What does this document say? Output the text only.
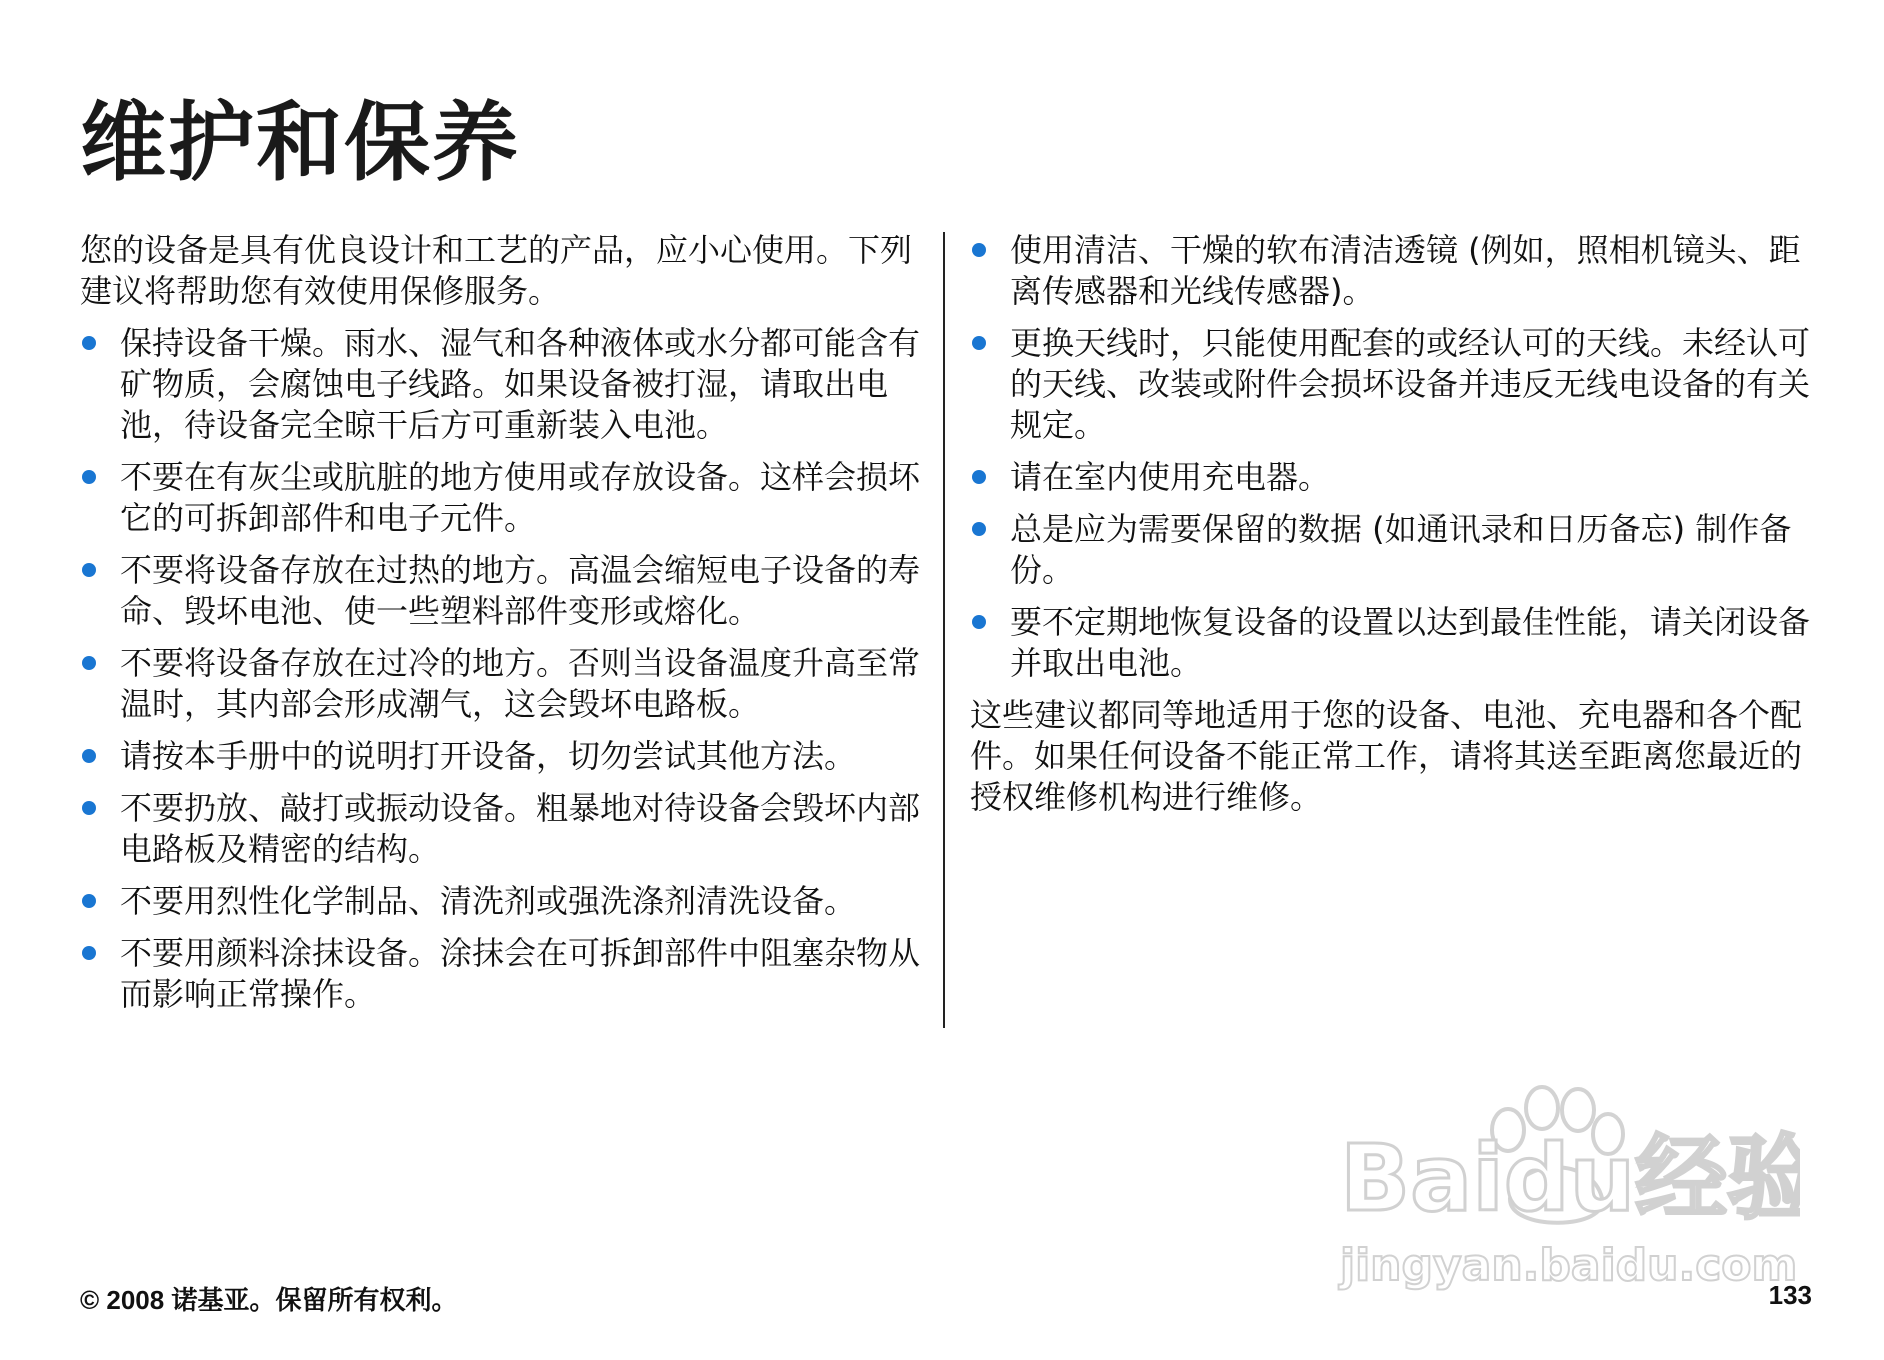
维护和保养

您的设备是具有优良设计和工艺的产品，应小心使用。下列建议将帮助您有效使用保修服务。

保持设备干燥。雨水、湿气和各种液体或水分都可能含有矿物质，会腐蚀电子线路。如果设备被打湿，请取出电池，待设备完全晾干后方可重新装入电池。
不要在有灰尘或肮脏的地方使用或存放设备。这样会损坏它的可拆卸部件和电子元件。
不要将设备存放在过热的地方。高温会缩短电子设备的寿命、毁坏电池、使一些塑料部件变形或熔化。
不要将设备存放在过冷的地方。否则当设备温度升高至常温时，其内部会形成潮气，这会毁坏电路板。
请按本手册中的说明打开设备，切勿尝试其他方法。
不要扔放、敲打或振动设备。粗暴地对待设备会毁坏内部电路板及精密的结构。
不要用烈性化学制品、清洗剂或强洗涤剂清洗设备。
不要用颜料涂抹设备。涂抹会在可拆卸部件中阻塞杂物从而影响正常操作。
使用清洁、干燥的软布清洁透镜 (例如，照相机镜头、距离传感器和光线传感器)。
更换天线时，只能使用配套的或经认可的天线。未经认可的天线、改装或附件会损坏设备并违反无线电设备的有关规定。
请在室内使用充电器。
总是应为需要保留的数据 (如通讯录和日历备忘) 制作备份。
要不定期地恢复设备的设置以达到最佳性能，请关闭设备并取出电池。

这些建议都同等地适用于您的设备、电池、充电器和各个配件。如果任何设备不能正常工作，请将其送至距离您最近的授权维修机构进行维修。

Baidu经验
jingyan.baidu.com
© 2008 诺基亚。保留所有权利。	133
